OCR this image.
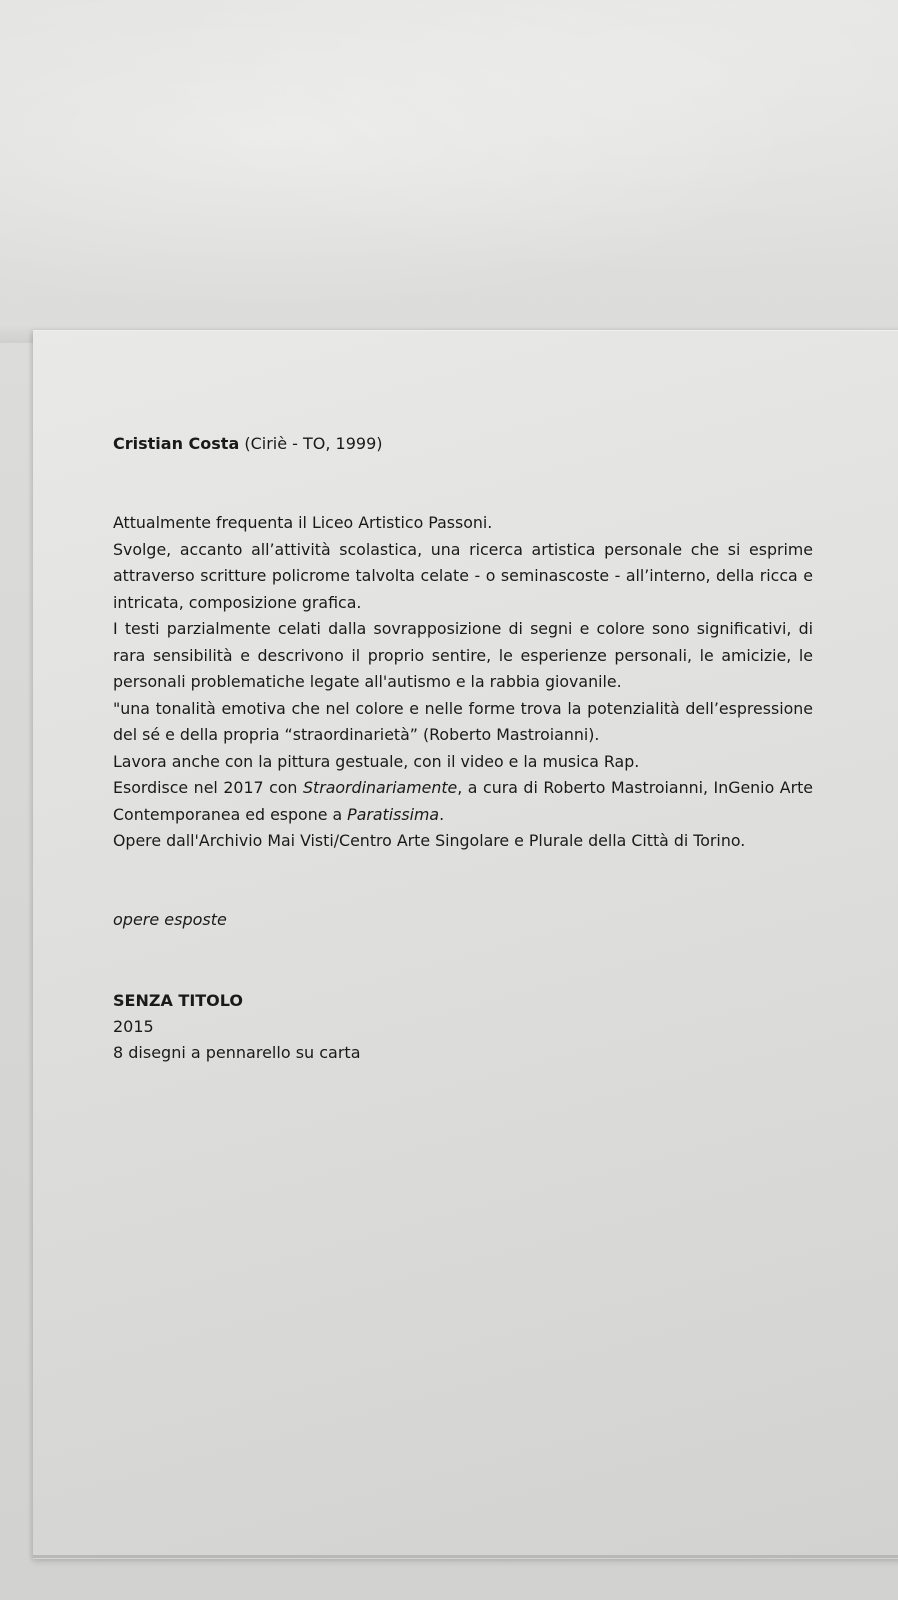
Cristian Costa (Ciriè - TO, 1999)

Attualmente frequenta il Liceo Artistico Passoni.

Svolge, accanto all’attività scolastica, una ricerca artistica personale che si esprime attraverso scritture policrome talvolta celate - o seminascoste - all’interno, della ricca e intricata, composizione grafica.

I testi parzialmente celati dalla sovrapposizione di segni e colore sono significativi, di rara sensibilità e descrivono il proprio sentire, le esperienze personali, le amicizie, le personali problematiche legate all'autismo e la rabbia giovanile.

"una tonalità emotiva che nel colore e nelle forme trova la potenzialità dell’espressione del sé e della propria “straordinarietà” (Roberto Mastroianni).

Lavora anche con la pittura gestuale, con il video e la musica Rap.

Esordisce nel 2017 con Straordinariamente, a cura di Roberto Mastroianni, InGenio Arte Contemporanea ed espone a Paratissima.

Opere dall'Archivio Mai Visti/Centro Arte Singolare e Plurale della Città di Torino.

opere esposte
SENZA TITOLO
2015
8 disegni a pennarello su carta
